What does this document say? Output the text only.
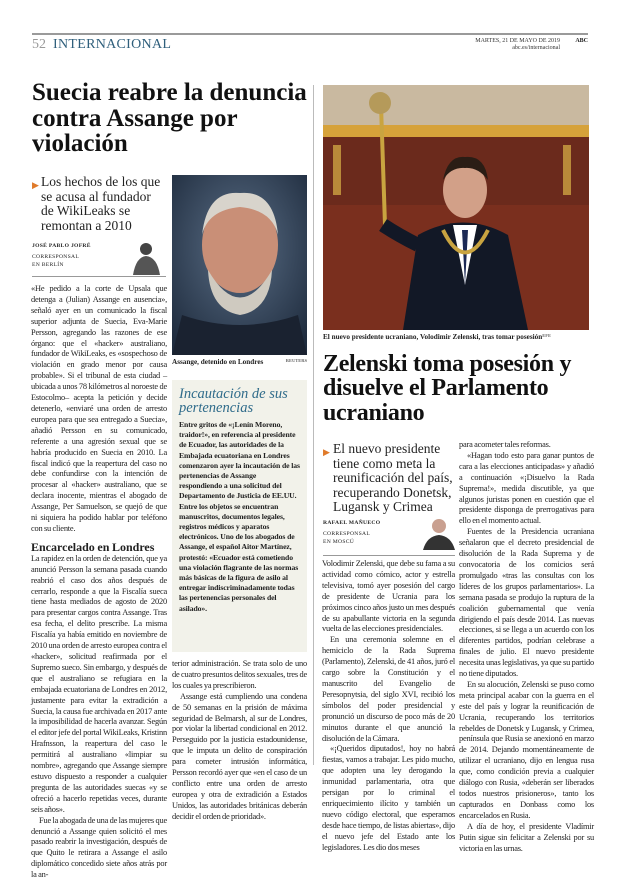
52 INTERNACIONAL	MARTES, 21 DE MAYO DE 2019
abc.es/internacional
ABC
Suecia reabre la denuncia contra Assange por violación
▶ Los hechos de los que se acusa al fundador de WikiLeaks se remontan a 2010
JOSÉ PABLO JOFRÉ
CORRESPONSAL
EN BERLÍN
Assange, detenido en Londres	REUTERS

«He pedido a la corte de Upsala que detenga a (Julian) Assange en ausencia», señaló ayer en un comunicado la fiscal superior adjunta de Suecia, Eva-Marie Persson, agregando las razones de ese órgano: que el «hacker» australiano, fundador de WikiLeaks, es «sospechoso de violación en grado menor por causa probable». Si el tribunal de esta ciudad –ubicada a unos 78 kilómetros al noroeste de Estocolmo– acepta la petición y decide detenerlo, «enviaré una orden de arresto europea para que sea entregado a Suecia», añadió Persson en su comunicado, referente a una agresión sexual que se habría producido en Suecia en 2010. La fiscal indicó que la reapertura del caso no debe confundirse con la intención de procesar al «hacker» australiano, que se declara inocente, mientras el abogado de Assange, Per Samuelson, se quejó de que ni siquiera ha podido hablar por teléfono con su cliente.

Encarcelado en Londres

La rapidez en la orden de detención, que ya anunció Persson la semana pasada cuando reabrió el caso dos años después de cerrarlo, responde a que la Fiscalía sueca tiene hasta mediados de agosto de 2020 para presentar cargos contra Assange. Tras esa fecha, el delito prescribe. La misma Fiscalía ya había emitido en noviembre de 2010 una orden de arresto europea contra el «hacker», solicitud reafirmada por el Supremo sueco. Sin embargo, y después de que el australiano se refugiara en la embajada ecuatoriana de Londres en 2012, justamente para evitar la extradición a Suecia, la causa fue archivada en 2017 ante la imposibilidad de hacerla avanzar. Según el editor jefe del portal WikiLeaks, Kristinn Hrafnsson, la reapertura del caso le permitirá al australiano «limpiar su nombre», agregando que Assange siempre estuvo dispuesto a responder a cualquier pregunta de las autoridades suecas «y se ofreció a hacerlo repetidas veces, durante seis años».

Fue la abogada de una de las mujeres que denunció a Assange quien solicitó el mes pasado reabrir la investigación, después de que Quito le retirara a Assange el asilo diplomático concedido siete años atrás por la an-

Incautación de sus pertenencias
Entre gritos de «¡Lenín Moreno, traidor!», en referencia al presidente de Ecuador, las autoridades de la Embajada ecuatoriana en Londres comenzaron ayer la incautación de las pertenencias de Assange respondiendo a una solicitud del Departamento de Justicia de EE.UU. Entre los objetos se encuentran manuscritos, documentos legales, registros médicos y aparatos electrónicos. Uno de los abogados de Assange, el español Aitor Martínez, protestó: «Ecuador está cometiendo una violación flagrante de las normas más básicas de la figura de asilo al entregar indiscriminadamente todas las pertenencias personales del asilado».

terior administración. Se trata solo de uno de cuatro presuntos delitos sexuales, tres de los cuales ya prescribieron.

Assange está cumpliendo una condena de 50 semanas en la prisión de máxima seguridad de Belmarsh, al sur de Londres, por violar la libertad condicional en 2012. Perseguido por la justicia estadounidense, que le imputa un delito de conspiración para cometer intrusión informática, Persson recordó ayer que «en el caso de un conflicto entre una orden de arresto europea y otra de extradición a Estados Unidos, las autoridades británicas deberán decidir el orden de prioridad».

El nuevo presidente ucraniano, Volodimir Zelenski, tras tomar posesión$^{EFE}$
Zelenski toma posesión y disuelve el Parlamento ucraniano
▶ El nuevo presidente tiene como meta la reunificación del país, recuperando Donetsk, Lugansk y Crimea
RAFAEL MAÑUECO
CORRESPONSAL
EN MOSCÚ

Volodimir Zelenski, que debe su fama a su actividad como cómico, actor y estrella televisiva, tomó ayer posesión del cargo de presidente de Ucrania para los próximos cinco años justo un mes después de su apabullante victoria en la segunda vuelta de las elecciones presidenciales.

En una ceremonia solemne en el hemiciclo de la Rada Suprema (Parlamento), Zelenski, de 41 años, juró el cargo sobre la Constitución y el manuscrito del Evangelio de Peresopnytsia, del siglo XVI, recibió los símbolos del poder presidencial y pronunció un discurso de poco más de 20 minutos durante el que anunció la disolución de la Cámara.

«¡Queridos diputados!, hoy no habrá fiestas, vamos a trabajar. Les pido mucho, que adopten una ley derogando la inmunidad parlamentaria, otra que persigan por lo criminal el enriquecimiento ilícito y también un nuevo código electoral, que esperamos desde hace tiempo, de listas abiertas», dijo el nuevo jefe del Estado ante los legisladores. Les dio dos meses

para acometer tales reformas.

«Hagan todo esto para ganar puntos de cara a las elecciones anticipadas» y añadió a continuación «¡Disuelvo la Rada Suprema!», medida discutible, ya que algunos juristas ponen en cuestión que el presidente disponga de prerrogativas para ello en el momento actual.

Fuentes de la Presidencia ucraniana señalaron que el decreto presidencial de disolución de la Rada Suprema y de convocatoria de los comicios será promulgado «tras las consultas con los líderes de los grupos parlamentarios». La semana pasada se produjo la ruptura de la coalición gubernamental que venía dirigiendo el país desde 2014. Las nuevas elecciones, si se llega a un acuerdo con los diferentes partidos, podrían celebrase a finales de julio. El nuevo presidente necesita unas legislativas, ya que su partido no tiene diputados.

En su alocución, Zelenski se puso como meta principal acabar con la guerra en el este del país y lograr la reunificación de Ucrania, recuperando los territorios rebeldes de Donetsk y Lugansk, y Crimea, península que Rusia se anexionó en marzo de 2014. Dejando momentáneamente de utilizar el ucraniano, dijo en lengua rusa que, como condición previa a cualquier diálogo con Rusia, «deberán ser liberados todos nuestros prisioneros», tanto los capturados en Donbass como los encarcelados en Rusia.

A día de hoy, el presidente Vladímir Putin sigue sin felicitar a Zelenski por su victoria en las urnas.
